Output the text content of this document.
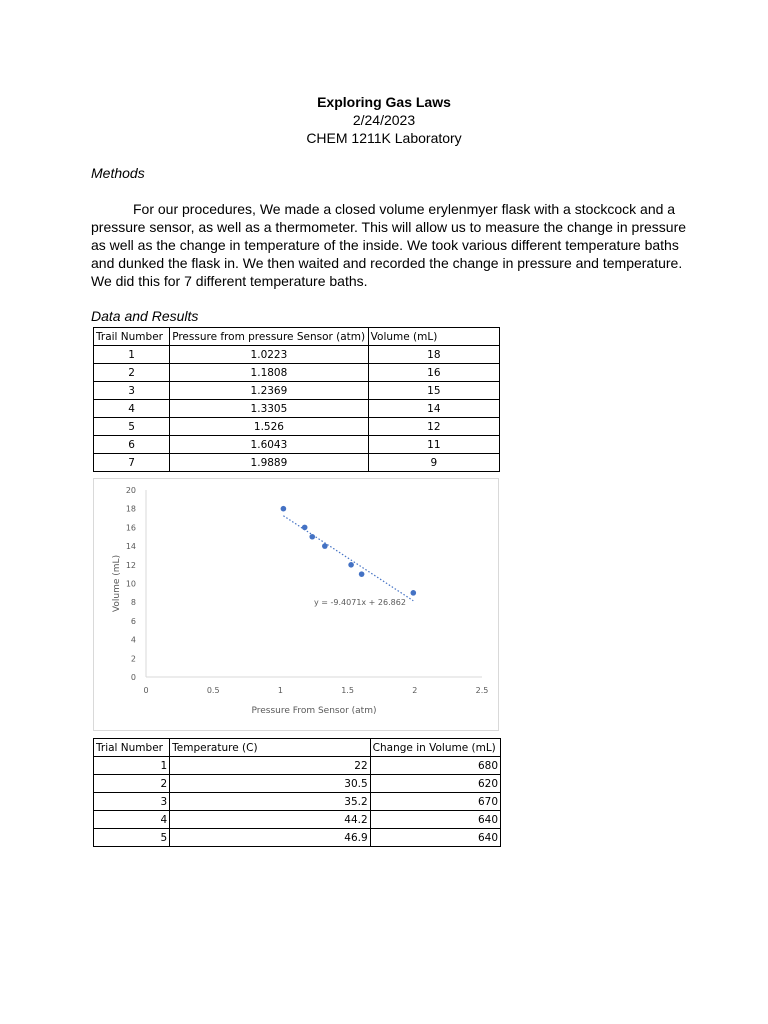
Exploring Gas Laws
2/24/2023
CHEM 1211K Laboratory
Methods
For our procedures, We made a closed volume erylenmyer flask with a stockcock and a pressure sensor, as well as a thermometer. This will allow us to measure the change in pressure as well as the change in temperature of the inside. We took various different temperature baths and dunked the flask in. We then waited and recorded the change in pressure and temperature. We did this for 7 different temperature baths.
Data and Results
Trail Number	Pressure from pressure Sensor (atm)	Volume (mL)
1	1.0223	18
2	1.1808	16
3	1.2369	15
4	1.3305	14
5	1.526	12
6	1.6043	11
7	1.9889	9
0	0.5	1	1.5	2	2.5
0
2
4
6
8
10
12
14
16
18
20
Pressure From Sensor (atm)
Volume (mL)	y = -9.4071x + 26.862
Trial Number	Temperature (C)	Change in Volume (mL)
1	22	680
2	30.5	620
3	35.2	670
4	44.2	640
5	46.9	640
